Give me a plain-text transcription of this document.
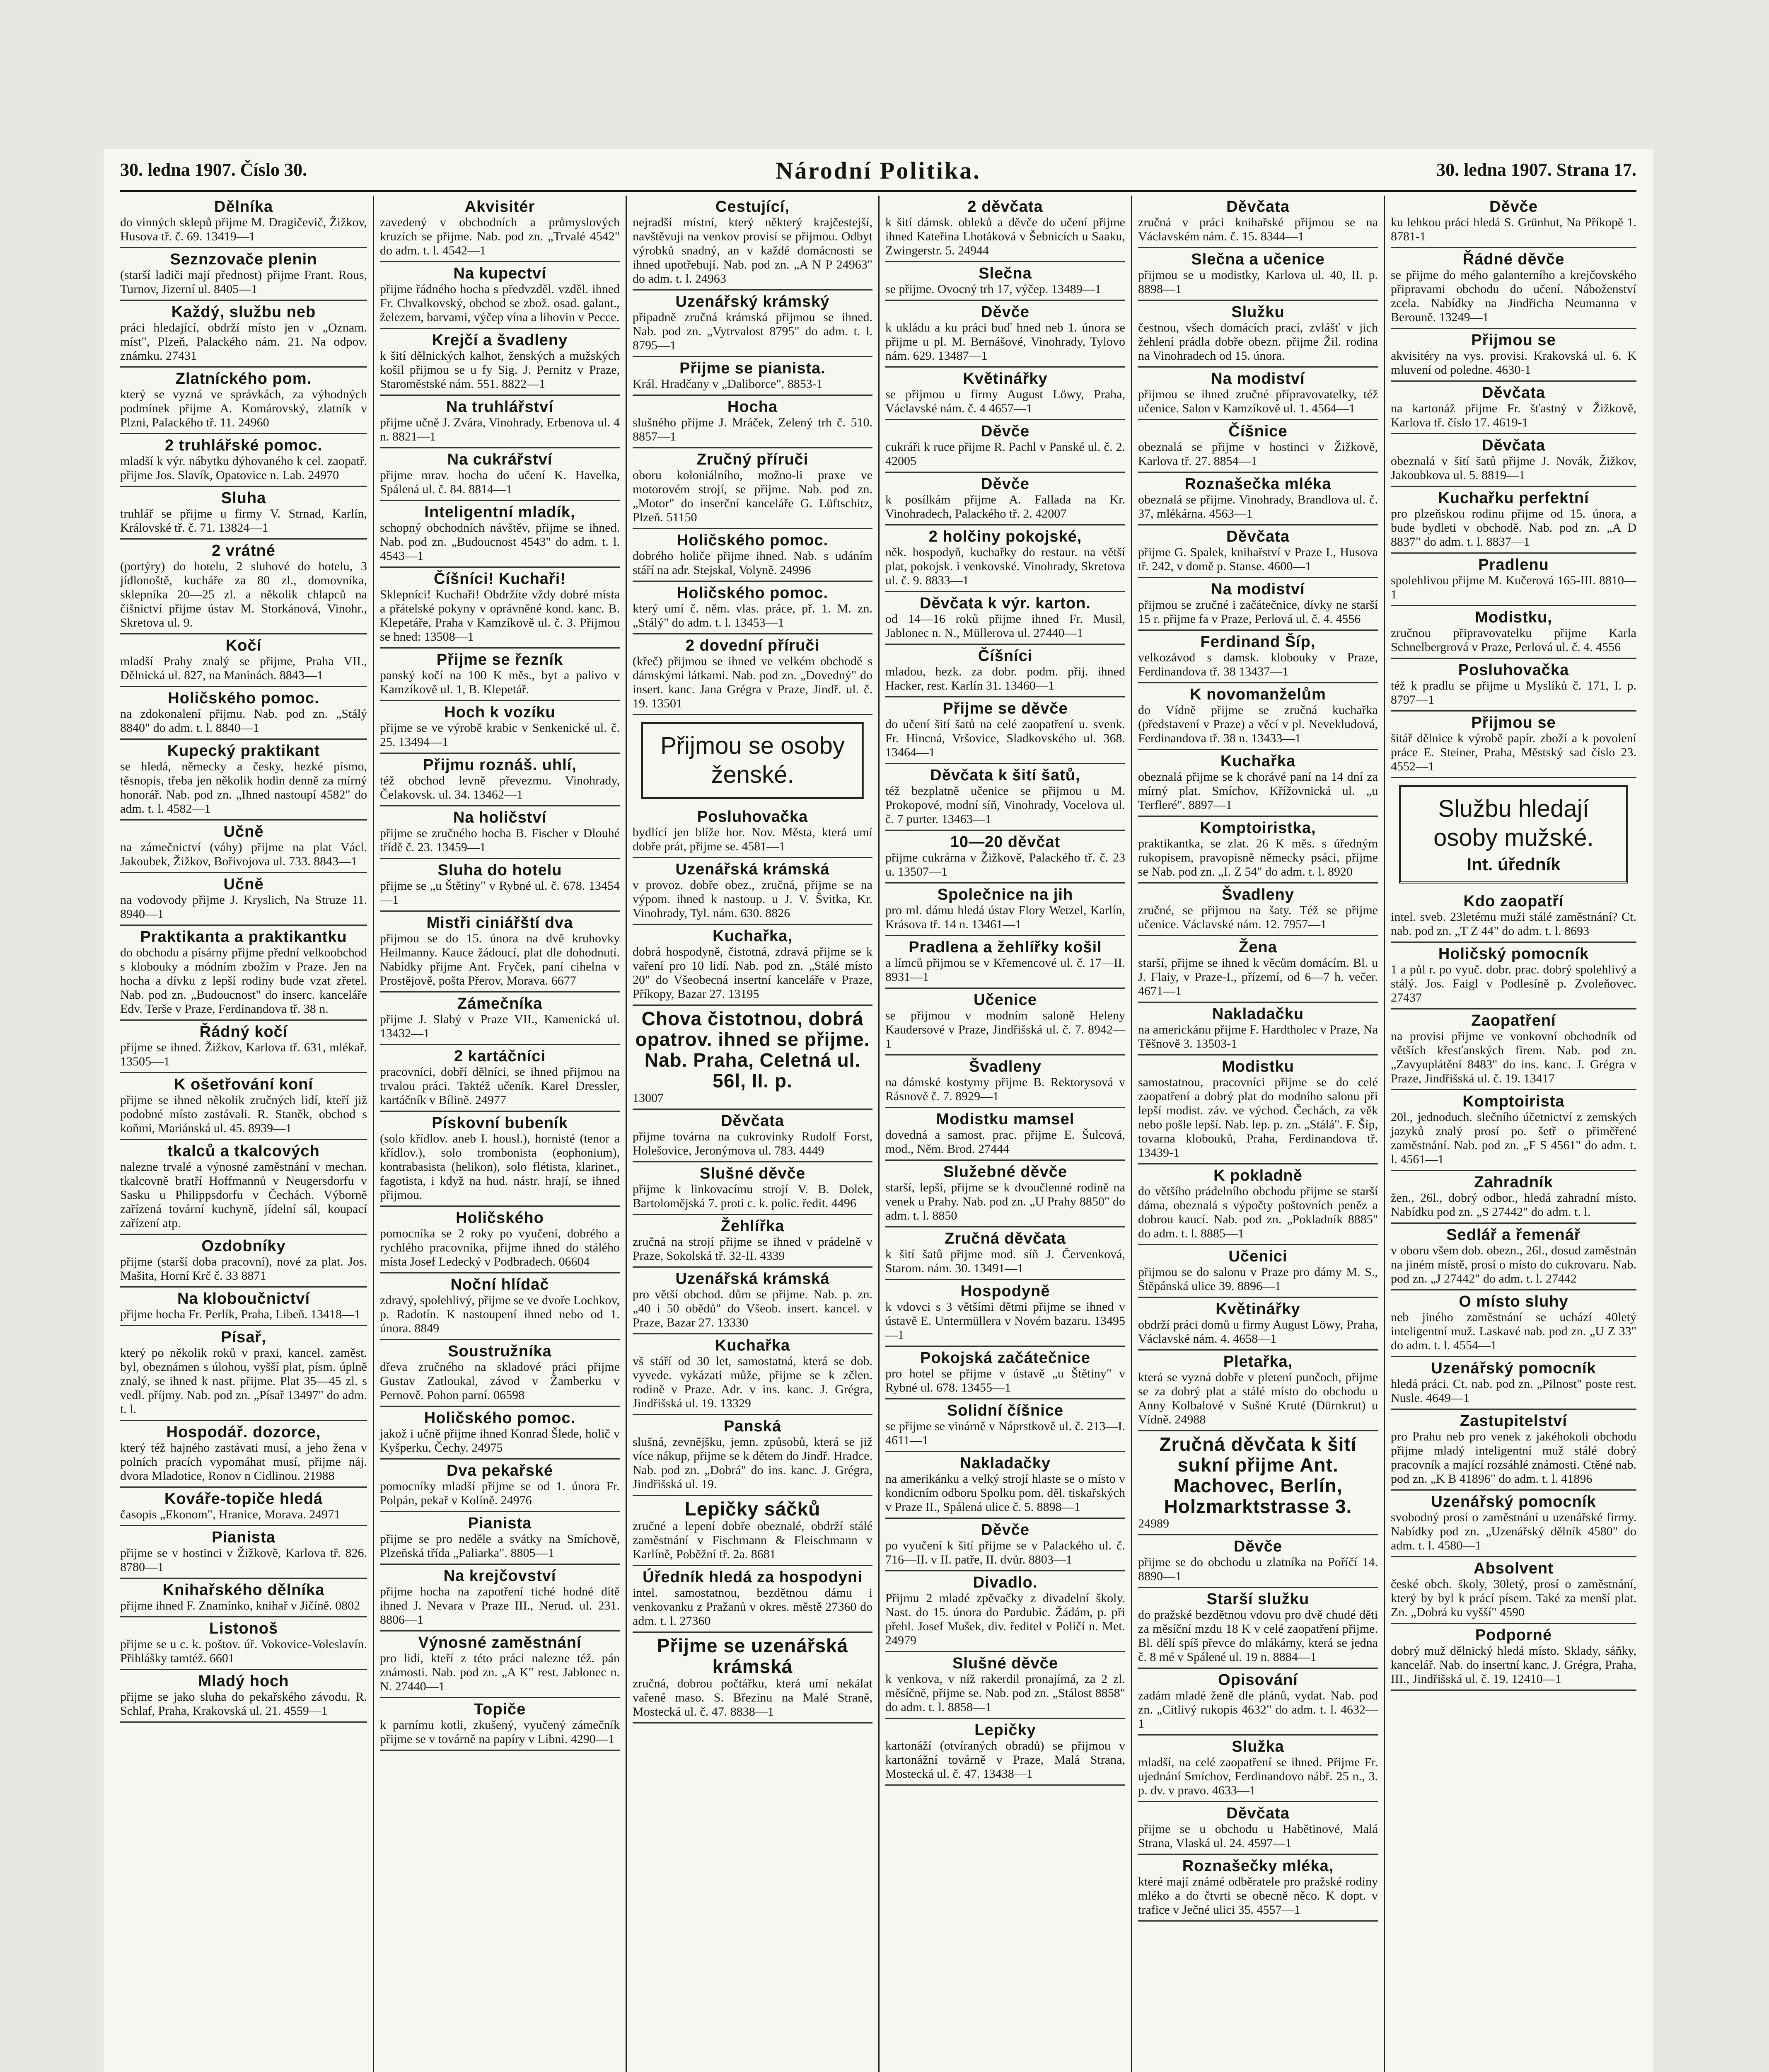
30. ledna 1907. Číslo 30.	Národní Politika.	30. ledna 1907. Strana 17.
Dělníka
do vinných sklepů přijme M. Dragičevič, Žižkov, Husova tř. č. 69. 13419—1
Seznzovače plenin
(starší ladiči mají přednost) přijme Frant. Rous, Turnov, Jizerní ul. 8405—1
Každý, službu neb
práci hledající, obdrží místo jen v „Oznam. míst", Plzeň, Palackého nám. 21. Na odpov. známku. 27431
Zlatníckého pom.
který se vyzná ve správkách, za výhodných podmínek přijme A. Komárovský, zlatník v Plzni, Palackého tř. 11. 24960
2 truhlářské pomoc.
mladší k výr. nábytku dýhovaného k cel. zaopatř. přijme Jos. Slavík, Opatovice n. Lab. 24970
Sluha
truhlář se přijme u firmy V. Strnad, Karlín, Královské tř. č. 71. 13824—1
2 vrátné
(portýry) do hotelu, 2 sluhové do hotelu, 3 jídlonoště, kucháře za 80 zl., domovníka, sklepníka 20—25 zl. a několik chlapců na čišnictví přijme ústav M. Storkánová, Vinohr., Skretova ul. 9.
Kočí
mladší Prahy znalý se přijme, Praha VII., Dělnická ul. 827, na Maninách. 8843—1
Holičského pomoc.
na zdokonalení přijmu. Nab. pod zn. „Stálý 8840" do adm. t. l. 8840—1
Kupecký praktikant
se hledá, německy a česky, hezké písmo, těsnopis, třeba jen několik hodin denně za mírný honorář. Nab. pod zn. „Ihned nastoupí 4582" do adm. t. l. 4582—1
Učně
na zámečnictví (váhy) přijme na plat Václ. Jakoubek, Žižkov, Bořivojova ul. 733. 8843—1
Učně
na vodovody přijme J. Kryslich, Na Struze 11. 8940—1
Praktikanta a praktikantku
do obchodu a písárny přijme přední velkoobchod s klobouky a módním zbožím v Praze. Jen na hocha a dívku z lepší rodiny bude vzat zřetel. Nab. pod zn. „Budoucnost" do inserc. kanceláře Edv. Terše v Praze, Ferdinandova tř. 38 n.
Řádný kočí
přijme se ihned. Žižkov, Karlova tř. 631, mlékař. 13505—1
K ošetřování koní
přijme se ihned několik zručných lidí, kteří již podobné místo zastávali. R. Staněk, obchod s koňmi, Mariánská ul. 45. 8939—1
tkalců a tkalcových
nalezne trvalé a výnosné zaměstnání v mechan. tkalcovně bratří Hoffmannů v Neugersdorfu v Sasku u Philippsdorfu v Čechách. Výborně zařízená tovární kuchyně, jídelní sál, koupací zařízení atp.
Ozdobníky
přijme (starší doba pracovní), nové za plat. Jos. Mašita, Horní Krč č. 33 8871
Na kloboučnictví
přijme hocha Fr. Perlík, Praha, Libeň. 13418—1
Písař,
který po několik roků v praxi, kancel. zaměst. byl, obeznámen s úlohou, vyšší plat, písm. úplně znalý, se ihned k nast. přijme. Plat 35—45 zl. s vedl. příjmy. Nab. pod zn. „Písař 13497" do adm. t. l.
Hospodář. dozorce,
který též hajného zastávati musí, a jeho žena v polních pracích vypomáhat musí, přijme náj. dvora Mladotice, Ronov n Cidlinou. 21988
Kováře-topiče hledá
časopis „Ekonom", Hranice, Morava. 24971
Pianista
přijme se v hostinci v Žižkově, Karlova tř. 826. 8780—1
Knihařského dělníka
přijme ihned F. Znamínko, knihař v Jičíně. 0802
Listonoš
přijme se u c. k. poštov. úř. Vokovice-Voleslavín. Přihlášky tamtéž. 6601
Mladý hoch
přijme se jako sluha do pekařského závodu. R. Schlaf, Praha, Krakovská ul. 21. 4559—1
Akvisitér
zavedený v obchodních a průmyslových kruzích se přijme. Nab. pod zn. „Trvalé 4542" do adm. t. l. 4542—1
Na kupectví
přijme řádného hocha s předvzděl. vzděl. ihned Fr. Chvalkovský, obchod se zbož. osad. galant., železem, barvami, výčep vína a lihovin v Pecce.
Krejčí a švadleny
k šití dělnických kalhot, ženských a mužských košil přijmou se u fy Sig. J. Pernitz v Praze, Staroměstské nám. 551. 8822—1
Na truhlářství
přijme učně J. Zvára, Vinohrady, Erbenova ul. 4 n. 8821—1
Na cukrářství
přijme mrav. hocha do učení K. Havelka, Spálená ul. č. 84. 8814—1
Inteligentní mladík,
schopný obchodních návštěv, přijme se ihned. Nab. pod zn. „Budoucnost 4543" do adm. t. l. 4543—1
Číšníci! Kuchaři!
Sklepníci! Kuchaři! Obdržíte vždy dobré místa a přátelské pokyny v oprávněné kond. kanc. B. Klepetáře, Praha v Kamzíkově ul. č. 3. Přijmou se hned: 13508—1
Přijme se řezník
panský kočí na 100 K měs., byt a palivo v Kamzíkově ul. 1, B. Klepetář.
Hoch k vozíku
přijme se ve výrobě krabic v Senkenické ul. č. 25. 13494—1
Přijmu roznáš. uhlí,
též obchod levně převezmu. Vinohrady, Čelakovsk. ul. 34. 13462—1
Na holičství
přijme se zručného hocha B. Fischer v Dlouhé třídě č. 23. 13459—1
Sluha do hotelu
přijme se „u Štětiny" v Rybné ul. č. 678. 13454—1
Mistři ciniářští dva
přijmou se do 15. února na dvě kruhovky Heilmanny. Kauce žádoucí, plat dle dohodnutí. Nabídky přijme Ant. Fryček, paní cihelna v Prostějově, pošta Přerov, Morava. 6677
Zámečníka
přijme J. Slabý v Praze VII., Kamenická ul. 13432—1
2 kartáčníci
pracovníci, dobří dělníci, se ihned přijmou na trvalou práci. Taktéž učeník. Karel Dressler, kartáčník v Bílině. 24977
Pískovní bubeník
(solo křídlov. aneb I. housl.), hornisté (tenor a křídlov.), solo trombonista (eophonium), kontrabasista (helikon), solo flétista, klarinet., fagotista, i když na hud. nástr. hrají, se ihned přijmou.
Holičského
pomocníka se 2 roky po vyučení, dobrého a rychlého pracovníka, přijme ihned do stálého místa Josef Ledecký v Podbradech. 06604
Noční hlídač
zdravý, spolehlivý, přijme se ve dvoře Lochkov, p. Radotín. K nastoupení ihned nebo od 1. února. 8849
Soustružníka
dřeva zručného na skladové práci přijme Gustav Zatloukal, závod v Žamberku v Pernově. Pohon parní. 06598
Holičského pomoc.
jakož i učně přijme ihned Konrad Šlede, holič v Kyšperku, Čechy. 24975
Dva pekařské
pomocníky mladší přijme se od 1. února Fr. Polpán, pekař v Kolíně. 24976
Pianista
přijme se pro neděle a svátky na Smíchově, Plzeňská třída „Paliarka". 8805—1
Na krejčovství
přijme hocha na zapotření tiché hodné dítě ihned J. Nevara v Praze III., Nerud. ul. 231. 8806—1
Výnosné zaměstnání
pro lidi, kteří z této práci nalezne též. pán známosti. Nab. pod zn. „A K" rest. Jablonec n. N. 27440—1
Topiče
k parnímu kotli, zkušený, vyučený zámečník přijme se v továrně na papíry v Libni. 4290—1
Cestující,
nejradší místní, který některý krajčestejší, navštěvuji na venkov provisí se přijmou. Odbyt výrobků snadný, an v každé domácnosti se ihned upotřebují. Nab. pod zn. „A N P 24963" do adm. t. l. 24963
Uzenářský krámský
připadně zručná krámská přijmou se ihned. Nab. pod zn. „Vytrvalost 8795" do adm. t. l. 8795—1
Přijme se pianista.
Král. Hradčany v „Daliborce". 8853-1
Hocha
slušného přijme J. Mráček, Zelený trh č. 510. 8857—1
Zručný příruči
oboru koloniálního, možno-li praxe ve motorovém strojí, se přijme. Nab. pod zn. „Motor" do inserční kanceláře G. Lüftschitz, Plzeň. 51150
Holičského pomoc.
dobrého holiče přijme ihned. Nab. s udáním stáří na adr. Stejskal, Volyně. 24996
Holičského pomoc.
který umí č. něm. vlas. práce, př. 1. M. zn. „Stálý" do adm. t. l. 13453—1
2 dovední příruči
(křeč) přijmou se ihned ve velkém obchodě s dámskými látkami. Nab. pod zn. „Dovedný" do insert. kanc. Jana Grégra v Praze, Jindř. ul. č. 19. 13501
Přijmou se osoby ženské.
Posluhovačka
bydlící jen blíže hor. Nov. Města, která umí dobře prát, přijme se. 4581—1
Uzenářská krámská
v provoz. dobře obez., zručná, přijme se na výpom. ihned k nastoup. u J. V. Švitka, Kr. Vinohrady, Tyl. nám. 630. 8826
Kuchařka,
dobrá hospodyně, čistotná, zdravá přijme se k vaření pro 10 lidí. Nab. pod zn. „Stálé místo 20" do Všeobecná insertní kanceláře v Praze, Příkopy, Bazar 27. 13195
Chova čistotnou, dobrá opatrov. ihned se přijme. Nab. Praha, Celetná ul. 56l, II. p.
13007
Děvčata
přijme továrna na cukrovinky Rudolf Forst, Holešovice, Jeronýmova ul. 783. 4449
Slušné děvče
přijme k linkovacímu strojí V. B. Dolek, Bartolomějská 7. proti c. k. polic. ředit. 4496
Žehlířka
zručná na strojí přijme se ihned v prádelně v Praze, Sokolská tř. 32-II. 4339
Uzenářská krámská
pro větší obchod. dům se přijme. Nab. p. zn. „40 i 50 obědů" do Všeob. insert. kancel. v Praze, Bazar 27. 13330
Kuchařka
vš stáří od 30 let, samostatná, která se dob. vyvede. vykázati může, přijme se k zčlen. rodině v Praze. Adr. v ins. kanc. J. Grégra, Jindřišská ul. 19. 13329
Panská
slušná, zevnějšku, jemn. způsobů, která se již více nákup, přijme se k dětem do Jindř. Hradce. Nab. pod zn. „Dobrá" do ins. kanc. J. Grégra, Jindřišská ul. 19.
Lepičky sáčků
zručné a lepení dobře obeznalé, obdrží stálé zaměstnání v Fischmann & Fleischmann v Karlíně, Poběžní tř. 2a. 8681
Úředník hledá za hospodyni
intel. samostatnou, bezdětnou dámu i venkovanku z Pražanů v okres. městě 27360 do adm. t. l. 27360
Přijme se uzenářská krámská
zručná, dobrou počtářku, která umí nekálat vařené maso. S. Březinu na Malé Straně, Mostecká ul. č. 47. 8838—1
2 děvčata
k šití dámsk. obleků a děvče do učení přijme ihned Kateřina Lhotáková v Šebnicích u Saaku, Zwingerstr. 5. 24944
Slečna
se přijme. Ovocný trh 17, výčep. 13489—1
Děvče
k ukládu a ku práci buď hned neb 1. února se přijme u pl. M. Bernášové, Vinohrady, Tylovo nám. 629. 13487—1
Květinářky
se přijmou u firmy August Löwy, Praha, Václavské nám. č. 4 4657—1
Děvče
cukráři k ruce přijme R. Pachl v Panské ul. č. 2. 42005
Děvče
k posílkám přijme A. Fallada na Kr. Vinohradech, Palackého tř. 2. 42007
2 holčiny pokojské,
něk. hospodyň, kuchařky do restaur. na větší plat, pokojsk. i venkovské. Vinohrady, Skretova ul. č. 9. 8833—1
Děvčata k výr. karton.
od 14—16 roků přijme ihned Fr. Musil, Jablonec n. N., Müllerova ul. 27440—1
Číšníci
mladou, hezk. za dobr. podm. přij. ihned Hacker, rest. Karlín 31. 13460—1
Přijme se děvče
do učení šití šatů na celé zaopatření u. svenk. Fr. Hincná, Vršovice, Sladkovského ul. 368. 13464—1
Děvčata k šití šatů,
též bezplatně učenice se přijmou u M. Prokopové, modní síň, Vinohrady, Vocelova ul. č. 7 purter. 13463—1
10—20 děvčat
přijme cukrárna v Žižkově, Palackého tř. č. 23 u. 13507—1
Společnice na jih
pro ml. dámu hledá ústav Flory Wetzel, Karlín, Krásova tř. 14 n. 13461—1
Pradlena a žehlířky košil
a límců přijmou se v Křemencové ul. č. 17—II. 8931—1
Učenice
se přijmou v modním saloně Heleny Kaudersové v Praze, Jindřišská ul. č. 7. 8942—1
Švadleny
na dámské kostymy přijme B. Rektorysová v Rásnově č. 7. 8929—1
Modistku mamsel
dovedná a samost. prac. přijme E. Šulcová, mod., Něm. Brod. 27444
Služebné děvče
starší, lepší, přijme se k dvoučlenné rodině na venek u Prahy. Nab. pod zn. „U Prahy 8850" do adm. t. l. 8850
Zručná děvčata
k šití šatů přijme mod. síň J. Červenková, Starom. nám. 30. 13491—1
Hospodyně
k vdovci s 3 většími dětmi přijme se ihned v ústavě E. Untermüllera v Novém bazaru. 13495—1
Pokojská začátečnice
pro hotel se přijme v ústavě „u Štětiny" v Rybné ul. 678. 13455—1
Solidní číšnice
se přijme se vinárně v Náprstkově ul. č. 213—I. 4611—1
Nakladačky
na amerikánku a velký strojí hlaste se o místo v kondicním odboru Spolku pom. děl. tiskařských v Praze II., Spálená ulice č. 5. 8898—1
Děvče
po vyučení k šití přijme se v Palackého ul. č. 716—II. v II. patře, II. dvůr. 8803—1
Divadlo.
Přijmu 2 mladé zpěvačky z divadelní školy. Nast. do 15. února do Pardubic. Žádám, p. při přehl. Josef Mušek, div. ředitel v Poličí n. Met. 24979
Slušné děvče
k venkova, v níž rakerdil pronajímá, za 2 zl. měsíčně, přijme se. Nab. pod zn. „Stálost 8858" do adm. t. l. 8858—1
Lepičky
kartonáží (otvíraných obradů) se přijmou v kartonážní továrně v Praze, Malá Strana, Mostecká ul. č. 47. 13438—1
Děvčata
zručná v práci knihařské přijmou se na Václavském nám. č. 15. 8344—1
Slečna a učenice
přijmou se u modistky, Karlova ul. 40, II. p. 8898—1
Služku
čestnou, všech domácích prací, zvlášť v jich žehlení prádla dobře obezn. přijme Žil. rodina na Vinohradech od 15. února.
Na modiství
přijmou se ihned zručné přípravovatelky, též učenice. Salon v Kamzíkově ul. 1. 4564—1
Číšnice
obeznalá se přijme v hostinci v Žižkově, Karlova tř. 27. 8854—1
Roznašečka mléka
obeznalá se přijme. Vinohrady, Brandlova ul. č. 37, mlékárna. 4563—1
Děvčata
přijme G. Spalek, knihařství v Praze I., Husova tř. 242, v domě p. Stanse. 4600—1
Na modiství
přijmou se zručné i začátečnice, dívky ne starší 15 r. přijme fa v Praze, Perlová ul. č. 4. 4556
Ferdinand Šíp,
velkozávod s damsk. klobouky v Praze, Ferdinandova tř. 38 13437—1
K novomanželům
do Vídně přijme se zručná kuchařka (představení v Praze) a věcí v pl. Nevekludová, Ferdinandova tř. 38 n. 13433—1
Kuchařka
obeznalá přijme se k chorávé paní na 14 dní za mírný plat. Smíchov, Křížovnická ul. „u Terfleré". 8897—1
Komptoiristka,
praktikantka, se zlat. 26 K měs. s úředným rukopisem, pravopisně německy psáci, přijme se Nab. pod zn. „I. Z 54" do adm. t. l. 8920
Švadleny
zručné, se přijmou na šaty. Též se přijme učenice. Václavské nám. 12. 7957—1
Žena
starší, přijme se ihned k věcům domácím. Bl. u J. Flaiy, v Praze-I., přízemí, od 6—7 h. večer. 4671—1
Nakladačku
na americkánu přijme F. Hardtholec v Praze, Na Těšnově 3. 13503-1
Modistku
samostatnou, pracovníci přijme se do celé zaopatření a dobrý plat do modního salonu při lepší modist. záv. ve východ. Čechách, za věk nebo pošle lepší. Nab. lep. p. zn. „Stálá". F. Šíp, tovarna klobouků, Praha, Ferdinandova tř. 13439-1
K pokladně
do většího prádelního obchodu přijme se starší dáma, obeznalá s výpočty poštovních peněz a dobrou kaucí. Nab. pod zn. „Pokladník 8885" do adm. t. l. 8885—1
Učenici
přijmou se do salonu v Praze pro dámy M. S., Štěpánská ulice 39. 8896—1
Květinářky
obdrží práci domů u firmy August Löwy, Praha, Václavské nám. 4. 4658—1
Pletařka,
která se vyzná dobře v pletení punčoch, přijme se za dobrý plat a stálé místo do obchodu u Anny Kolbalové v Sušné Kruté (Dürnkrut) u Vídně. 24988
Zručná děvčata k šití sukní přijme Ant. Machovec, Berlín, Holzmarktstrasse 3.
24989
Děvče
přijme se do obchodu u zlatníka na Poříčí 14. 8890—1
Starší služku
do pražské bezdětnou vdovu pro dvě chudé děti za měsíční mzdu 18 K v celé zaopatření přijme. Bl. dělí spíš převce do mlákárny, která se jedna č. 8 mé v Spálené ul. 19 n. 8884—1
Opisování
zadám mladé ženě dle plánů, vydat. Nab. pod zn. „Citlivý rukopis 4632" do adm. t. l. 4632—1
Služka
mladší, na celé zaopatření se ihned. Přijme Fr. ujednání Smíchov, Ferdinandovo nábř. 25 n., 3. p. dv. v pravo. 4633—1
Děvčata
přijme se u obchodu u Habětinové, Malá Strana, Vlaská ul. 24. 4597—1
Roznašečky mléka,
které mají známé odběratele pro pražské rodiny mléko a do čtvrti se obecně něco. K dopt. v trafice v Ječné ulici 35. 4557—1
Děvče
ku lehkou práci hledá S. Grünhut, Na Příkopě 1. 8781-1
Řádné děvče
se přijme do mého galanterního a krejčovského připravami obchodu do učení. Náboženství zcela. Nabídky na Jindřicha Neumanna v Berouně. 13249—1
Přijmou se
akvisitéry na vys. provisi. Krakovská ul. 6. K mluvení od poledne. 4630-1
Děvčata
na kartonáž přijme Fr. šťastný v Žižkově, Karlova tř. číslo 17. 4619-1
Děvčata
obeznalá v šití šatů přijme J. Novák, Žižkov, Jakoubkova ul. 5. 8819—1
Kuchařku perfektní
pro plzeňskou rodinu přijme od 15. února, a bude bydleti v obchodě. Nab. pod zn. „A D 8837" do adm. t. l. 8837—1
Pradlenu
spolehlivou přijme M. Kučerová 165-III. 8810—1
Modistku,
zručnou připravovatelku přijme Karla Schnelbergrová v Praze, Perlová ul. č. 4. 4556
Posluhovačka
též k pradlu se přijme u Myslíků č. 171, I. p. 8797—1
Přijmou se
šitář dělnice k výrobě papír. zboží a k povolení práce E. Steiner, Praha, Městský sad číslo 23. 4552—1
Službu hledají osoby mužské.
Int. úředník
Kdo zaopatří
intel. sveb. 23letému muži stálé zaměstnání? Ct. nab. pod zn. „T Z 44" do adm. t. l. 8693
Holičský pomocník
1 a půl r. po vyuč. dobr. prac. dobrý spolehlivý a stálý. Jos. Faigl v Podlesíně p. Zvoleňovec. 27437
Zaopatření
na provisi přijme ve vonkovní obchodník od větších křesťanských firem. Nab. pod zn. „Zavyuplátění 8483" do ins. kanc. J. Grégra v Praze, Jindřišská ul. č. 19. 13417
Komptoirista
20l., jednoduch. slečního účetnictví z zemských jazyků znalý prosí po. šetř o přiměřené zaměstnání. Nab. pod zn. „F S 4561" do adm. t. l. 4561—1
Zahradník
žen., 26l., dobrý odbor., hledá zahradní místo. Nabídku pod zn. „S 27442" do adm. t. l.
Sedlář a řemenář
v oboru všem dob. obezn., 26l., dosud zaměstnán na jiném místě, prosí o místo do cukrovaru. Nab. pod zn. „J 27442" do adm. t. l. 27442
O místo sluhy
neb jiného zaměstnání se uchází 40letý inteligentní muž. Laskavé nab. pod zn. „U Z 33" do adm. t. l. 4554—1
Uzenářský pomocník
hledá práci. Ct. nab. pod zn. „Pilnost" poste rest. Nusle. 4649—1
Zastupitelství
pro Prahu neb pro venek z jakéhokoli obchodu přijme mladý inteligentní muž stálé dobrý pracovník a mající rozsáhlé známosti. Ctěné nab. pod zn. „K B 41896" do adm. t. l. 41896
Uzenářský pomocník
svobodný prosí o zaměstnání u uzenářské firmy. Nabídky pod zn. „Uzenářský dělník 4580" do adm. t. l. 4580—1
Absolvent
české obch. školy, 30letý, prosí o zaměstnání, který by byl k prácí písem. Také za menší plat. Zn. „Dobrá ku vyšší" 4590
Podporné
dobrý muž dělnický hledá místo. Sklady, sáňky, kancelář. Nab. do insertní kanc. J. Grégra, Praha, III., Jindřišská ul. č. 19. 12410—1
